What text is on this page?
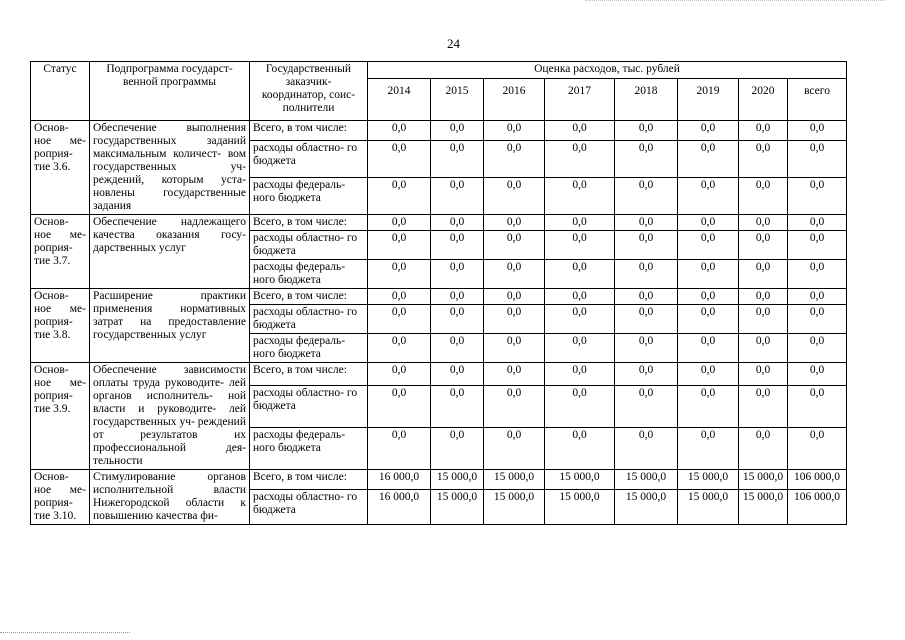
24
Статус	Подпрограмма государст- венной программы	Государственный заказчик- координатор, соис- полнители	Оценка расходов, тыс. рублей							
			2014	2015	2016	2017	2018	2019	2020	всего
Основ- ное ме- роприя- тие 3.6.	Обеспечение выполнения государственных заданий максимальным количест- вом государственных уч- реждений, которым уста- новлены государственные задания	Всего, в том числе:	0,0	0,0	0,0	0,0	0,0	0,0	0,0	0,0
		расходы областно- го бюджета	0,0	0,0	0,0	0,0	0,0	0,0	0,0	0,0
		расходы федераль- ного бюджета	0,0	0,0	0,0	0,0	0,0	0,0	0,0	0,0
Основ- ное ме- роприя- тие 3.7.	Обеспечение надлежащего качества оказания госу- дарственных услуг	Всего, в том числе:	0,0	0,0	0,0	0,0	0,0	0,0	0,0	0,0
		расходы областно- го бюджета	0,0	0,0	0,0	0,0	0,0	0,0	0,0	0,0
		расходы федераль- ного бюджета	0,0	0,0	0,0	0,0	0,0	0,0	0,0	0,0
Основ- ное ме- роприя- тие 3.8.	Расширение практики применения нормативных затрат на предоставление государственных услуг	Всего, в том числе:	0,0	0,0	0,0	0,0	0,0	0,0	0,0	0,0
		расходы областно- го бюджета	0,0	0,0	0,0	0,0	0,0	0,0	0,0	0,0
		расходы федераль- ного бюджета	0,0	0,0	0,0	0,0	0,0	0,0	0,0	0,0
Основ- ное ме- роприя- тие 3.9.	Обеспечение зависимости оплаты труда руководите- лей органов исполнитель- ной власти и руководите- лей государственных уч- реждений от результатов их профессиональной дея- тельности	Всего, в том числе:	0,0	0,0	0,0	0,0	0,0	0,0	0,0	0,0
		расходы областно- го бюджета	0,0	0,0	0,0	0,0	0,0	0,0	0,0	0,0
		расходы федераль- ного бюджета	0,0	0,0	0,0	0,0	0,0	0,0	0,0	0,0
Основ- ное ме- роприя- тие 3.10.	Стимулирование органов исполнительной власти Нижегородской области к повышению качества фи-	Всего, в том числе:	16 000,0	15 000,0	15 000,0	15 000,0	15 000,0	15 000,0	15 000,0	106 000,0
		расходы областно- го бюджета	16 000,0	15 000,0	15 000,0	15 000,0	15 000,0	15 000,0	15 000,0	106 000,0
